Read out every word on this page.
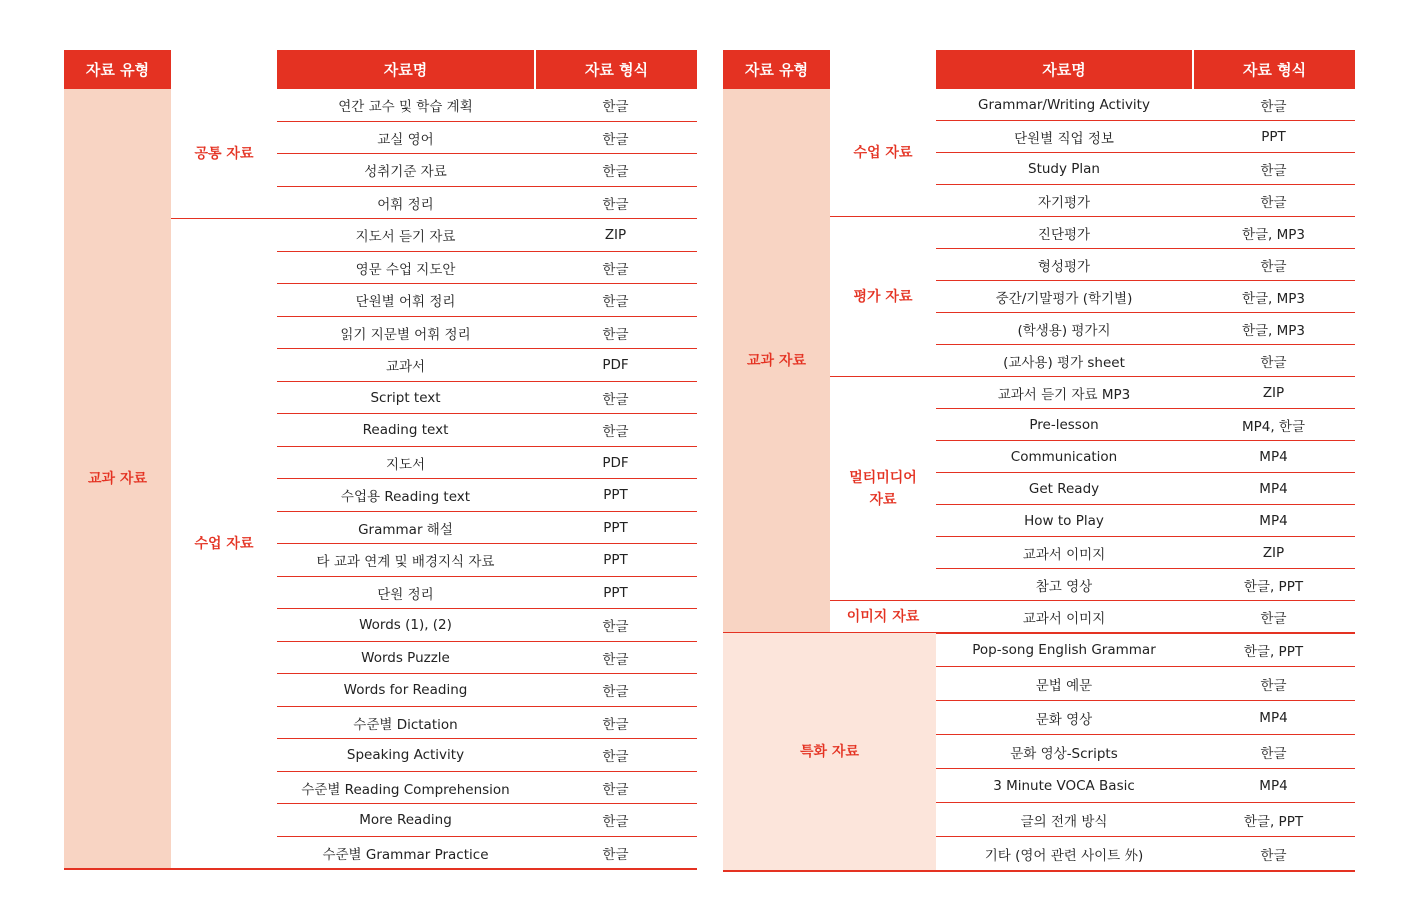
자료 유형	자료명	자료 형식
연간 교수 및 학습 계획	한글
교실 영어	한글
성취기준 자료	한글
어휘 정리	한글
공통 자료
지도서 듣기 자료	ZIP
영문 수업 지도안	한글
단원별 어휘 정리	한글
읽기 지문별 어휘 정리	한글
교과서	PDF
Script text	한글
Reading text	한글
지도서	PDF
수업용 Reading text	PPT
Grammar 해설	PPT
타 교과 연계 및 배경지식 자료	PPT
단원 정리	PPT
Words (1), (2)	한글
Words Puzzle	한글
Words for Reading	한글
수준별 Dictation	한글
Speaking Activity	한글
수준별 Reading Comprehension	한글
More Reading	한글
수준별 Grammar Practice	한글
수업 자료
교과 자료
자료 유형	자료명	자료 형식
Grammar/Writing Activity	한글
단원별 직업 정보	PPT
Study Plan	한글
자기평가	한글
수업 자료
진단평가	한글, MP3
형성평가	한글
중간/기말평가 (학기별)	한글, MP3
(학생용) 평가지	한글, MP3
(교사용) 평가 sheet	한글
평가 자료
교과서 듣기 자료 MP3	ZIP
Pre-lesson	MP4, 한글
Communication	MP4
Get Ready	MP4
How to Play	MP4
교과서 이미지	ZIP
참고 영상	한글, PPT
멀티미디어
자료
교과서 이미지	한글
이미지 자료
교과 자료
Pop-song English Grammar	한글, PPT
문법 예문	한글
문화 영상	MP4
문화 영상-Scripts	한글
3 Minute VOCA Basic	MP4
글의 전개 방식	한글, PPT
기타 (영어 관련 사이트 外)	한글
특화 자료
